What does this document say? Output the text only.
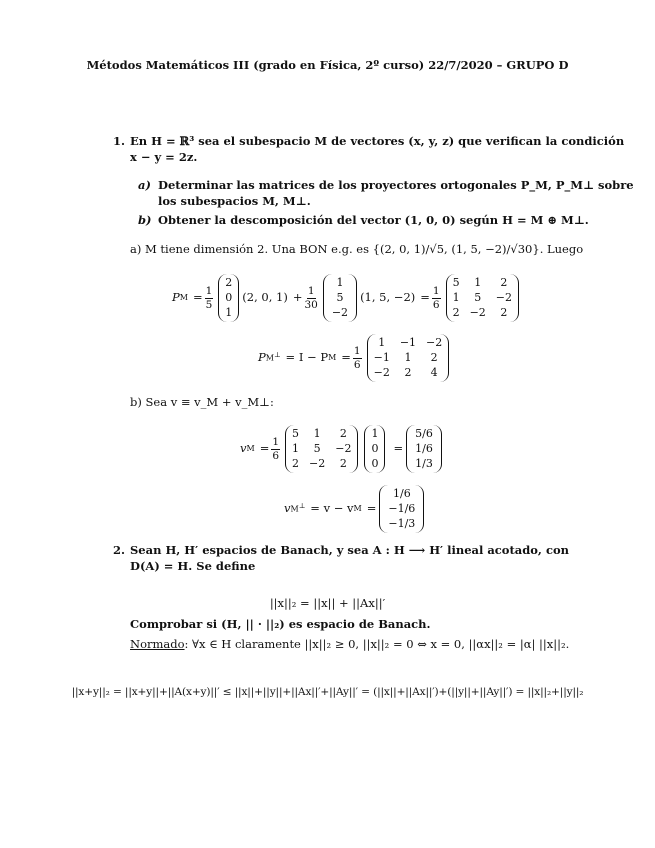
Métodos Matemáticos III (grado en Física, 2º curso) 22/7/2020 – GRUPO D
1. En H = ℝ³ sea el subespacio M de vectores (x, y, z) que verifican la condición
x − y = 2z.
a) Determinar las matrices de los proyectores ortogonales P_M, P_M⊥ sobre
los subespacios M, M⊥.
b) Obtener la descomposición del vector (1, 0, 0) según H = M ⊕ M⊥.
a) M tiene dimensión 2. Una BON e.g. es {(2, 0, 1)/√5, (1, 5, −2)/√30}. Luego
P $M = \frac{1}{5}$
2
0
1
(2, 0, $1) + \frac{1}{30}$
1
5
−2
(1, 5, $-2) = \frac{1}{6}$
5	1	2
1	5	−2
2 −2	2
P M⊥ = I − P $M = \frac{1}{6}$
1	−1 −2
−1	1	2
−2	2	4
b) Sea v ≡ v_M + v_M⊥:
v $M = \frac{1}{6}$
5	1	2
1	5	−2
2 −2	2
1
0
0
=
5/6
1/6
1/3
v M⊥ = v − v M =
1/6
−1/6
−1/3
2. Sean H, H′ espacios de Banach, y sea A : H ⟶ H′ lineal acotado, con
D(A) = H. Se define
||x||₂ = ||x|| + ||Ax||′
Comprobar si (H, || · ||₂) es espacio de Banach.
Normado: ∀x ∈ H claramente ||x||₂ ≥ 0, ||x||₂ = 0 ⇔ x = 0, ||αx||₂ = |α| ||x||₂.
||x+y||₂ = ||x+y||+||A(x+y)||′ ≤ ||x||+||y||+||Ax||′+||Ay||′ = (||x||+||Ax||′)+(||y||+||Ay||′) = ||x||₂+||y||₂
